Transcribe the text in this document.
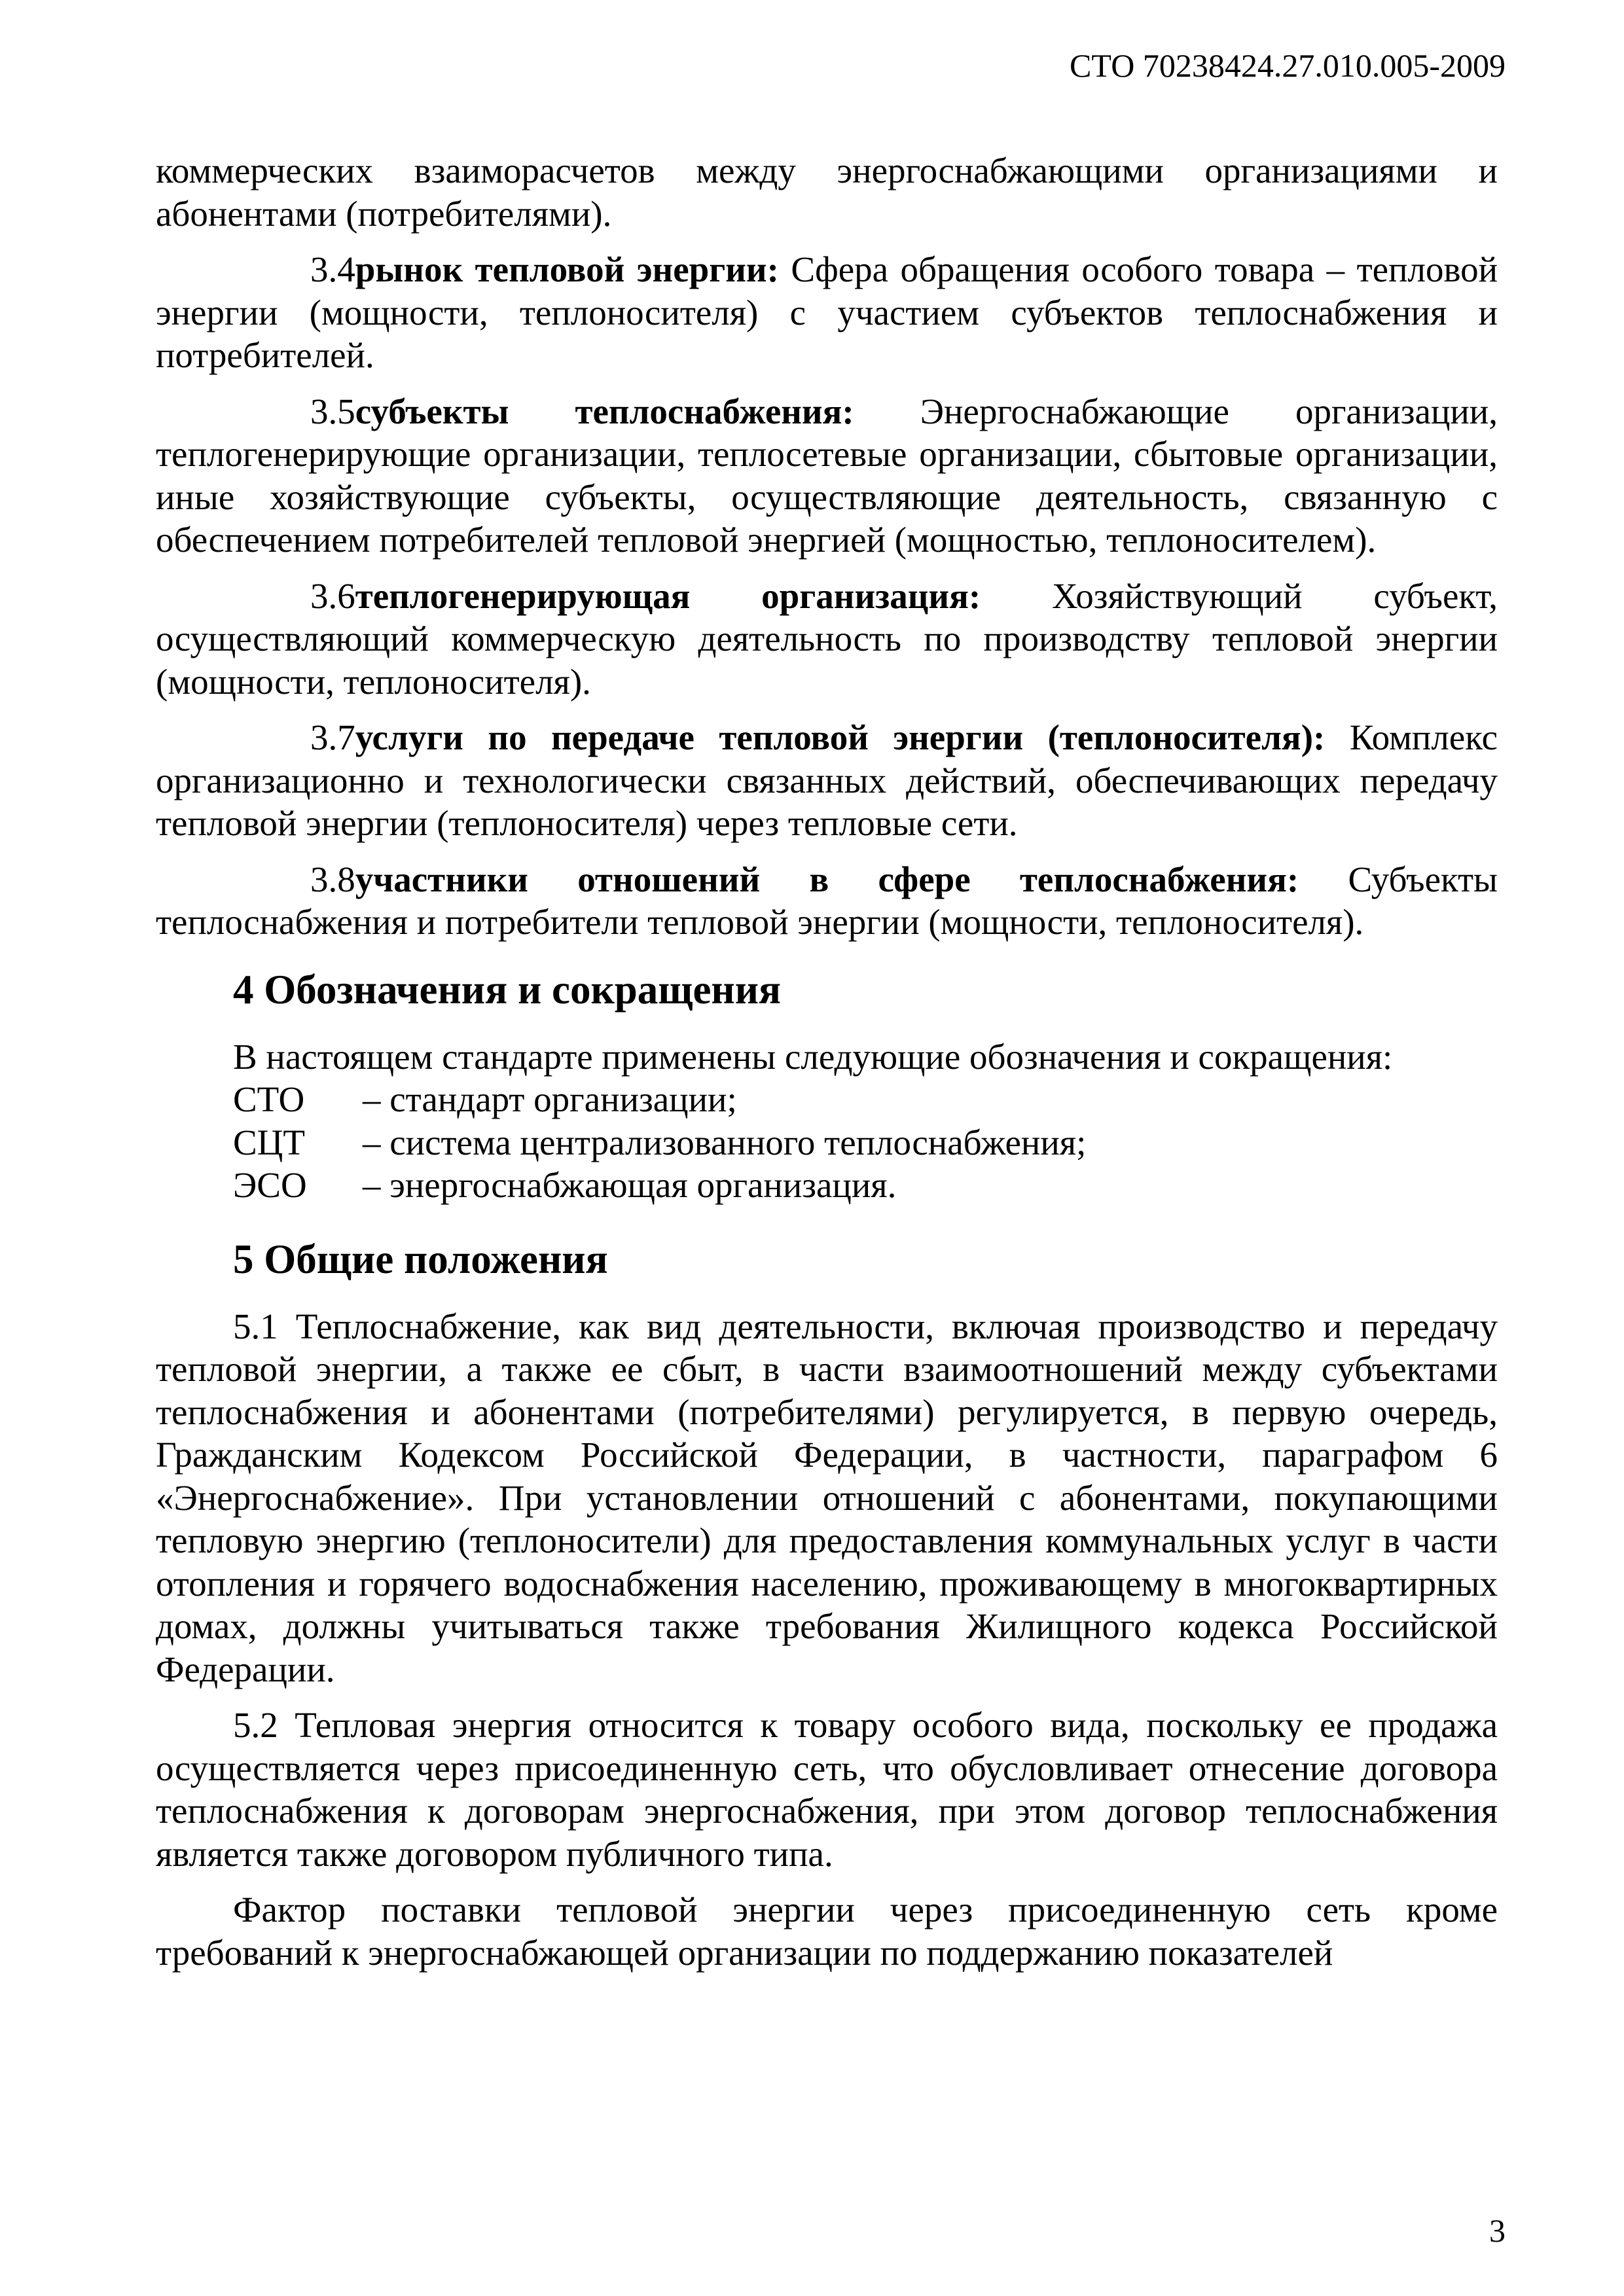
СТО 70238424.27.010.005-2009

коммерческих взаиморасчетов между энергоснабжающими организациями и абонентами (потребителями).

3.4рынок тепловой энергии: Сфера обращения особого товара – тепловой энергии (мощности, теплоносителя) с участием субъектов теплоснабжения и потребителей.

3.5субъекты теплоснабжения: Энергоснабжающие организации, теплогенерирующие организации, теплосетевые организации, сбытовые организации, иные хозяйствующие субъекты, осуществляющие деятельность, связанную с обеспечением потребителей тепловой энергией (мощностью, теплоносителем).

3.6теплогенерирующая организация: Хозяйствующий субъект, осуществляющий коммерческую деятельность по производству тепловой энергии (мощности, теплоносителя).

3.7услуги по передаче тепловой энергии (теплоносителя): Комплекс организационно и технологически связанных действий, обеспечивающих передачу тепловой энергии (теплоносителя) через тепловые сети.

3.8участники отношений в сфере теплоснабжения: Субъекты теплоснабжения и потребители тепловой энергии (мощности, теплоносителя).

4 Обозначения и сокращения

В настоящем стандарте применены следующие обозначения и сокращения:

СТО	– стандарт организации;
СЦТ	– система централизованного теплоснабжения;
ЭСО	– энергоснабжающая организация.
5 Общие положения

5.1 Теплоснабжение, как вид деятельности, включая производство и передачу тепловой энергии, а также ее сбыт, в части взаимоотношений между субъектами теплоснабжения и абонентами (потребителями) регулируется, в первую очередь, Гражданским Кодексом Российской Федерации, в частности, параграфом 6 «Энергоснабжение». При установлении отношений с абонентами, покупающими тепловую энергию (теплоносители) для предоставления коммунальных услуг в части отопления и горячего водоснабжения населению, проживающему в многоквартирных домах, должны учитываться также требования Жилищного кодекса Российской Федерации.

5.2 Тепловая энергия относится к товару особого вида, поскольку ее продажа осуществляется через присоединенную сеть, что обусловливает отнесение договора теплоснабжения к договорам энергоснабжения, при этом договор теплоснабжения является также договором публичного типа.

Фактор поставки тепловой энергии через присоединенную сеть кроме требований к энергоснабжающей организации по поддержанию показателей

3
